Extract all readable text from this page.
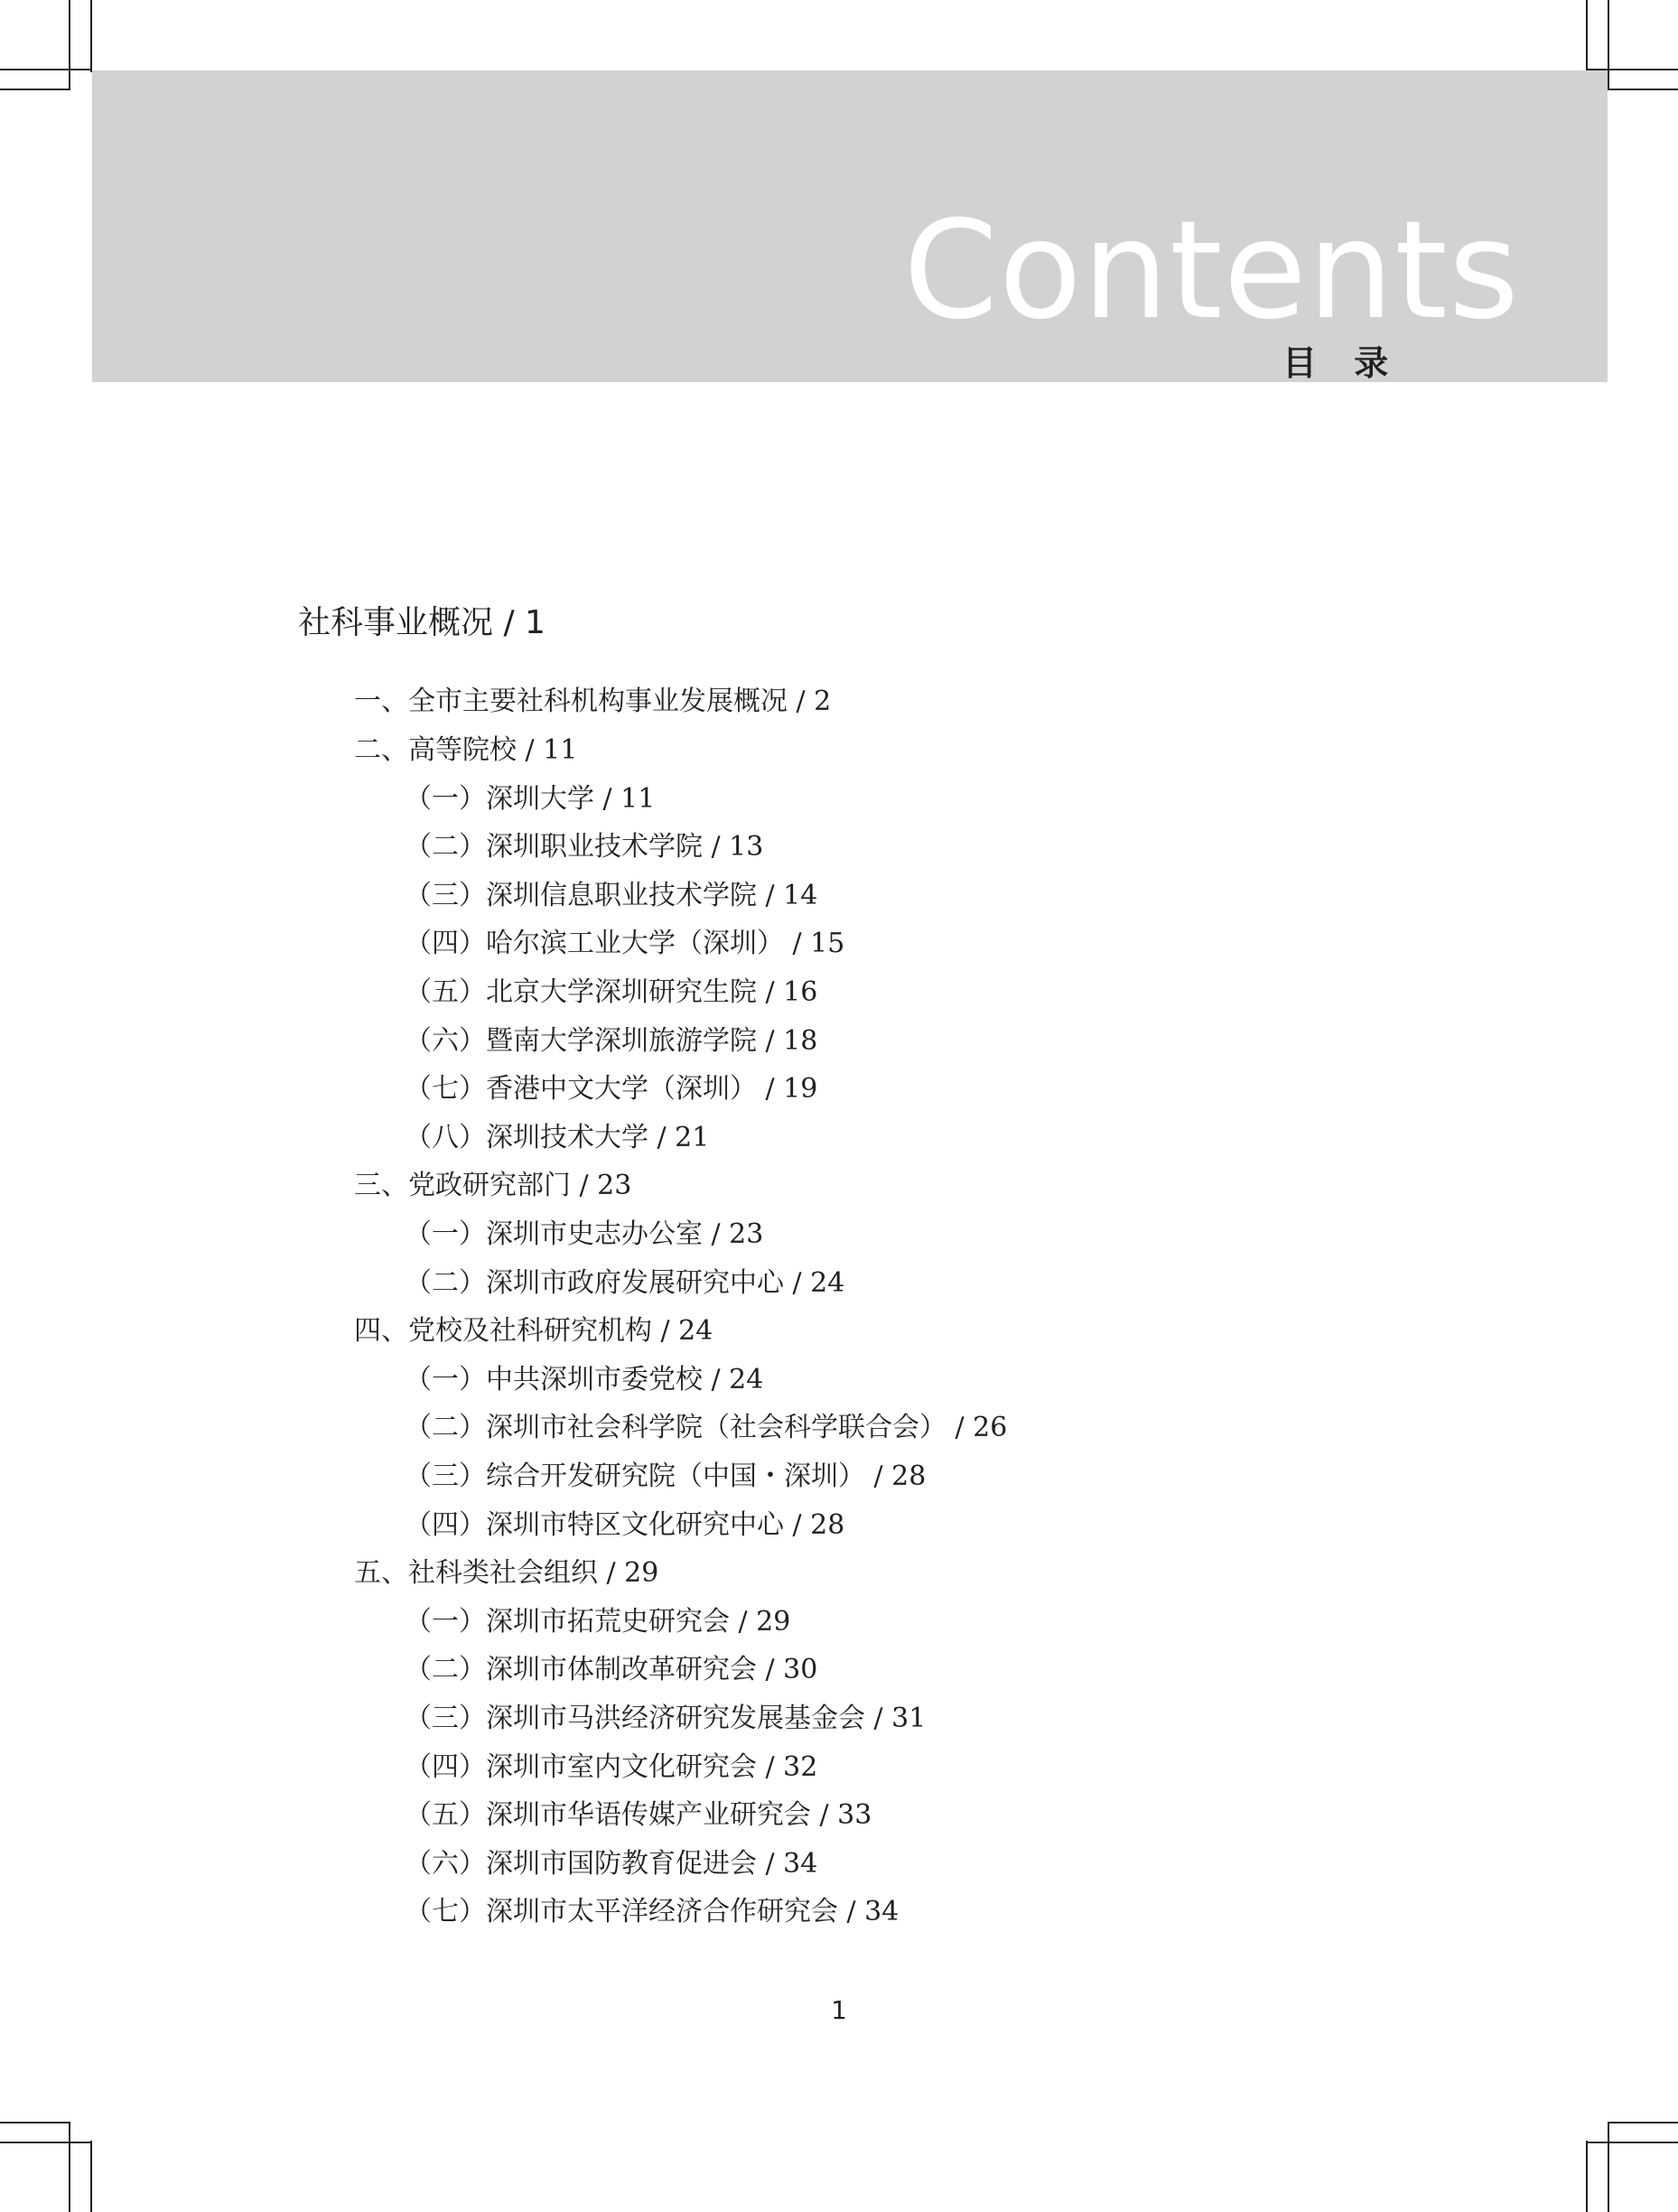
Contents
目 录
社科事业概况 / 1
一、全市主要社科机构事业发展概况 / 2
二、高等院校 / 11
（一）深圳大学 / 11
（二）深圳职业技术学院 / 13
（三）深圳信息职业技术学院 / 14
（四）哈尔滨工业大学（深圳） / 15
（五）北京大学深圳研究生院 / 16
（六）暨南大学深圳旅游学院 / 18
（七）香港中文大学（深圳） / 19
（八）深圳技术大学 / 21
三、党政研究部门 / 23
（一）深圳市史志办公室 / 23
（二）深圳市政府发展研究中心 / 24
四、党校及社科研究机构 / 24
（一）中共深圳市委党校 / 24
（二）深圳市社会科学院（社会科学联合会） / 26
（三）综合开发研究院（中国・深圳） / 28
（四）深圳市特区文化研究中心 / 28
五、社科类社会组织 / 29
（一）深圳市拓荒史研究会 / 29
（二）深圳市体制改革研究会 / 30
（三）深圳市马洪经济研究发展基金会 / 31
（四）深圳市室内文化研究会 / 32
（五）深圳市华语传媒产业研究会 / 33
（六）深圳市国防教育促进会 / 34
（七）深圳市太平洋经济合作研究会 / 34
1
